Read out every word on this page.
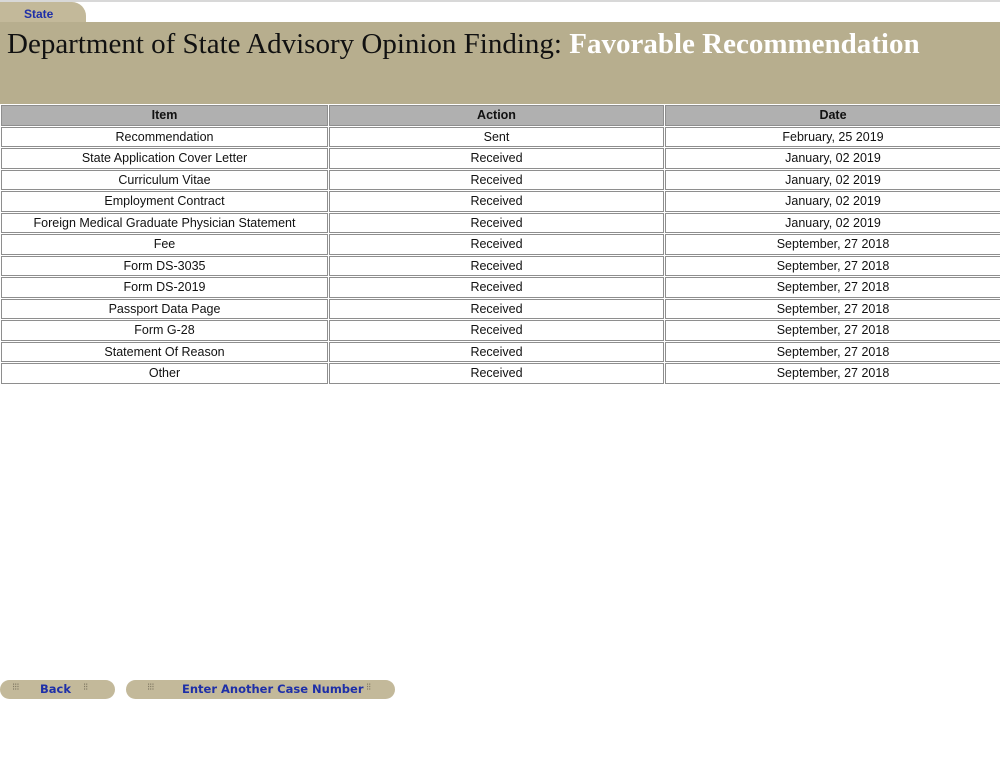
State
Department of State Advisory Opinion Finding: Favorable Recommendation
Item	Action	Date
Recommendation	Sent	February, 25 2019
State Application Cover Letter	Received	January, 02 2019
Curriculum Vitae	Received	January, 02 2019
Employment Contract	Received	January, 02 2019
Foreign Medical Graduate Physician Statement	Received	January, 02 2019
Fee	Received	September, 27 2018
Form DS-3035	Received	September, 27 2018
Form DS-2019	Received	September, 27 2018
Passport Data Page	Received	September, 27 2018
Form G-28	Received	September, 27 2018
Statement Of Reason	Received	September, 27 2018
Other	Received	September, 27 2018
⁝⁝⁝ Back ⁝⁝	⁝⁝⁝ Enter Another Case Number ⁝⁝
